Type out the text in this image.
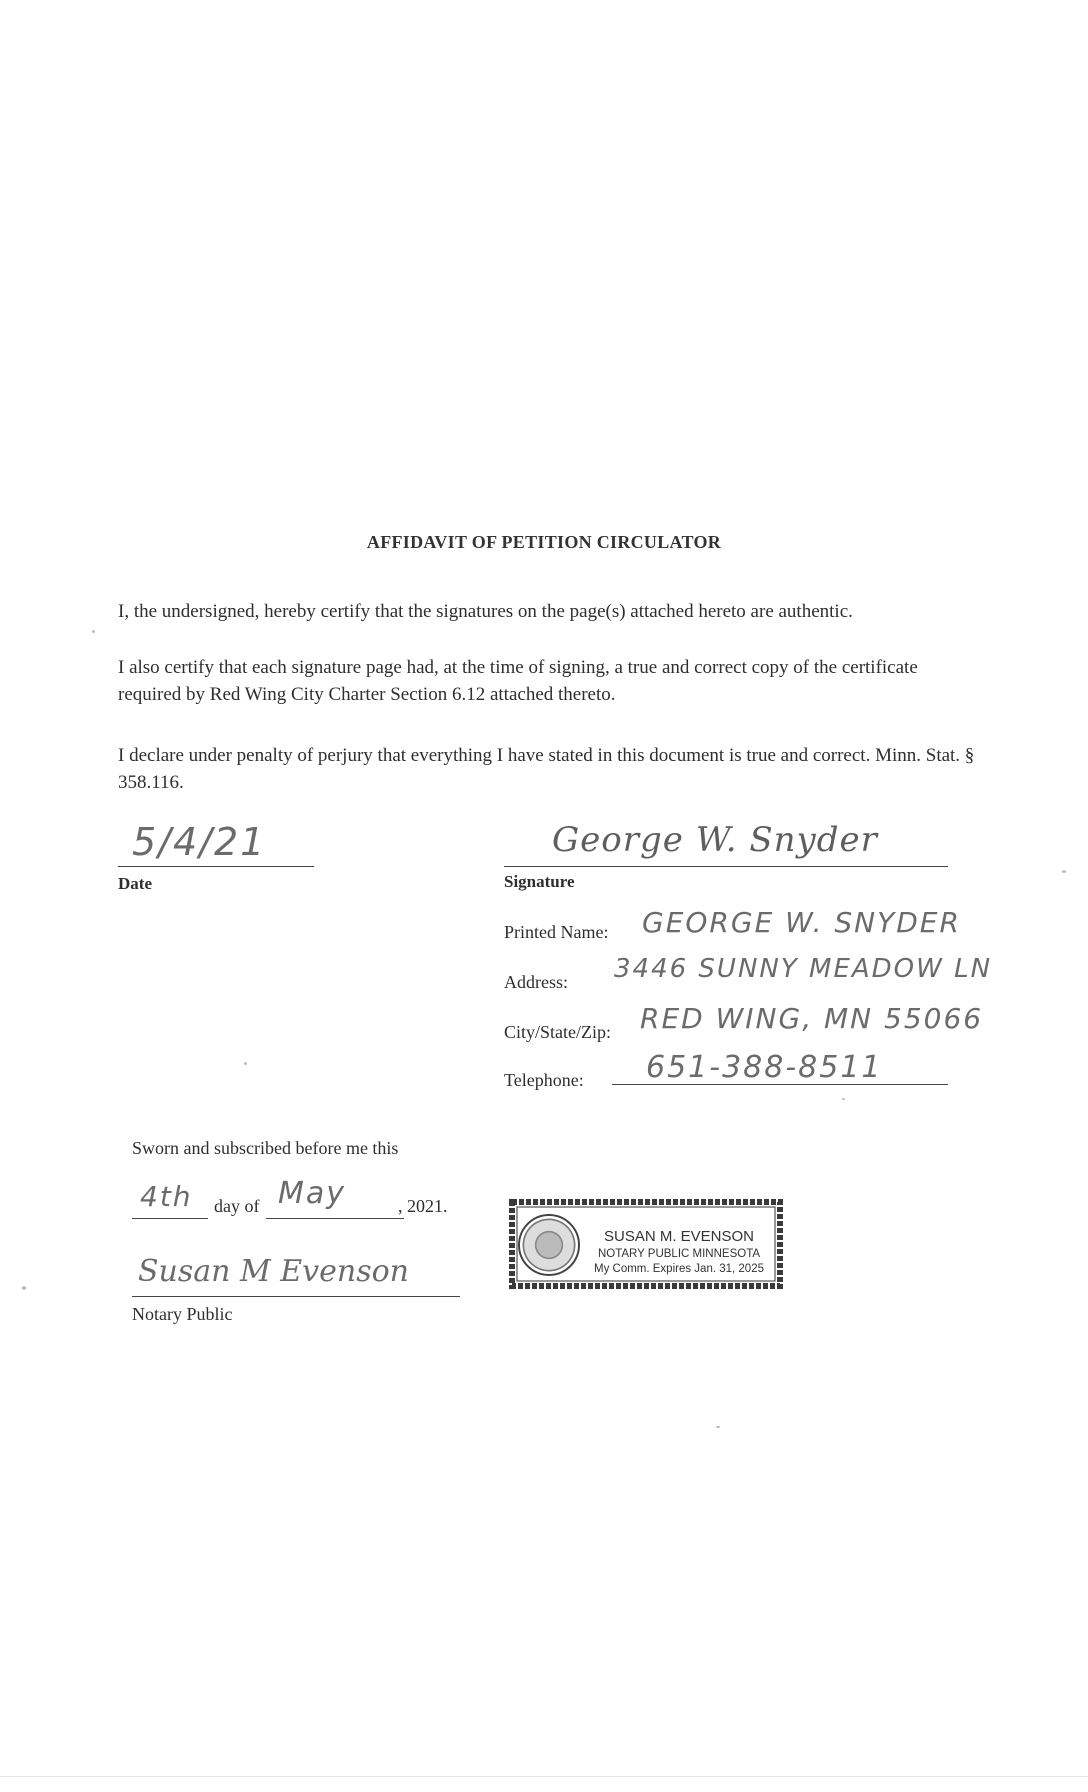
AFFIDAVIT OF PETITION CIRCULATOR
I, the undersigned, hereby certify that the signatures on the page(s) attached hereto are authentic.
I also certify that each signature page had, at the time of signing, a true and correct copy of the certificate required by Red Wing City Charter Section 6.12 attached thereto.
I declare under penalty of perjury that everything I have stated in this document is true and correct. Minn. Stat. § 358.116.
5/4/21
Date
George W. Snyder
Signature
Printed Name: GEORGE W. SNYDER
Address: 3446 SUNNY MEADOW LN
City/State/Zip: RED WING, MN 55066
Telephone: 651-388-8511
Sworn and subscribed before me this
4th day of May	, 2021.
Susan M Evenson
Notary Public
SUSAN M. EVENSON
NOTARY PUBLIC MINNESOTA
My Comm. Expires Jan. 31, 2025
